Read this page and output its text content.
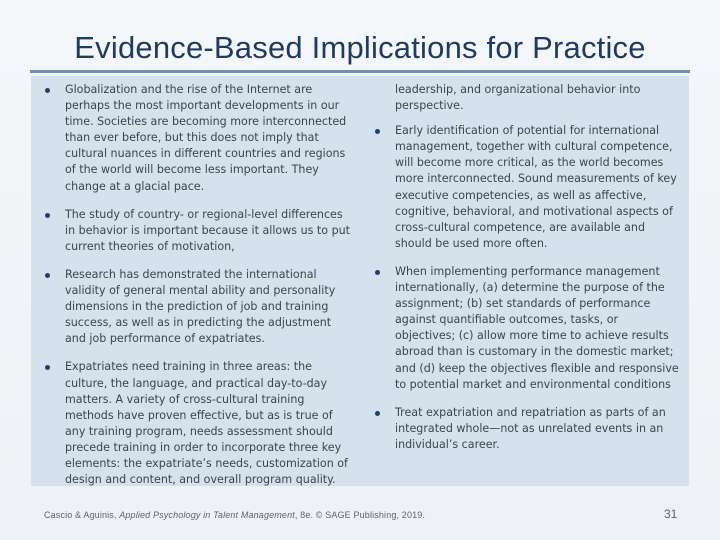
Evidence-Based Implications for Practice

Globalization and the rise of the Internet are perhaps the most important developments in our time. Societies are becoming more interconnected than ever before, but this does not imply that cultural nuances in different countries and regions of the world will become less important. They change at a glacial pace.

The study of country- or regional-level differences in behavior is important because it allows us to put current theories of motivation,

Research has demonstrated the international validity of general mental ability and personality dimensions in the prediction of job and training success, as well as in predicting the adjustment and job performance of expatriates.

Expatriates need training in three areas: the culture, the language, and practical day-to-day matters. A variety of cross-cultural training methods have proven effective, but as is true of any training program, needs assessment should precede training in order to incorporate three key elements: the expatriate’s needs, customization of design and content, and overall program quality.

leadership, and organizational behavior into perspective.

Early identification of potential for international management, together with cultural competence, will become more critical, as the world becomes more interconnected. Sound measurements of key executive competencies, as well as affective, cognitive, behavioral, and motivational aspects of cross-cultural competence, are available and should be used more often.

When implementing performance management internationally, (a) determine the purpose of the assignment; (b) set standards of performance against quantifiable outcomes, tasks, or objectives; (c) allow more time to achieve results abroad than is customary in the domestic market; and (d) keep the objectives flexible and responsive to potential market and environmental conditions

Treat expatriation and repatriation as parts of an integrated whole—not as unrelated events in an individual’s career.

Cascio & Aguinis, Applied Psychology in Talent Management, 8e. © SAGE Publishing, 2019.	31
